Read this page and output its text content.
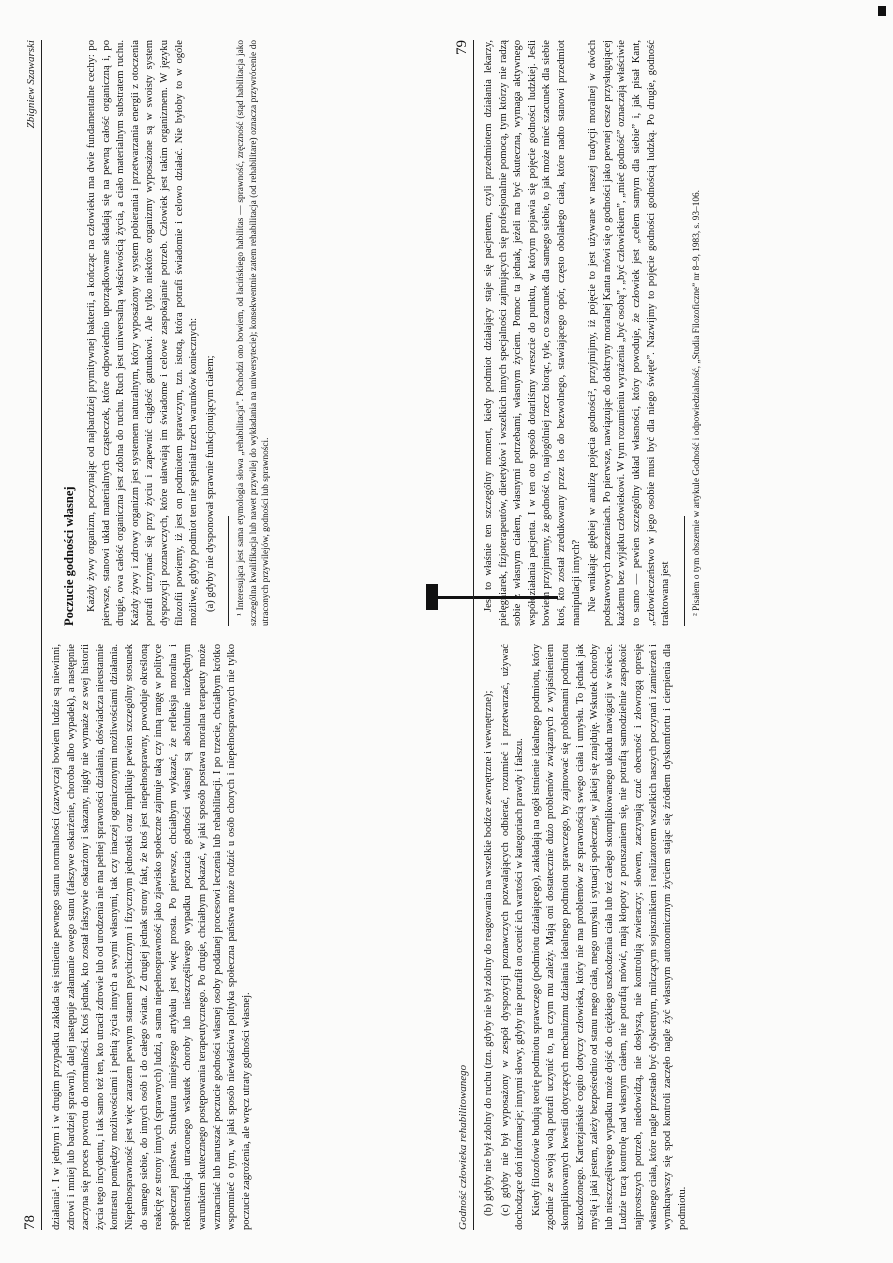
78
Zbigniew Szawarski

działania¹. I w jednym i w drugim przypadku zakłada się istnienie pewnego stanu normalności (zazwyczaj bowiem ludzie są niewinni, zdrowi i mniej lub bardziej sprawni), dalej następuje załamanie owego stanu (fałszywe oskarżenie, choroba albo wypadek), a następnie zaczyna się proces powrotu do normalności. Ktoś jednak, kto został fałszywie oskarżony i skazany, nigdy nie wymaże ze swej historii życia tego incydentu, i tak samo też ten, kto utracił zdrowie lub od urodzenia nie ma pełnej sprawności działania, doświadcza nieustannie kontrastu pomiędzy możliwościami i pełnią życia innych a swymi własnymi, tak czy inaczej ograniczonymi możliwościami działania. Niepełnosprawność jest więc zarazem pewnym stanem psychicznym i fizycznym jednostki oraz implikuje pewien szczególny stosunek do samego siebie, do innych osób i do całego świata. Z drugiej jednak strony fakt, że ktoś jest niepełnosprawny, powoduje określoną reakcję ze strony innych (sprawnych) ludzi, a sama niepełnosprawność jako zjawisko społeczne zajmuje taką czy inną rangę w polityce społecznej państwa. Struktura niniejszego artykułu jest więc prosta. Po pierwsze, chciałbym wykazać, że refleksja moralna i rekonstrukcja utraconego wskutek choroby lub nieszczęśliwego wypadku poczucia godności własnej są absolutnie niezbędnym warunkiem skutecznego postępowania terapeutycznego. Po drugie, chciałbym pokazać, w jaki sposób postawa moralna terapeuty może wzmacniać lub naruszać poczucie godności własnej osoby poddanej procesowi leczenia lub rehabilitacji. I po trzecie, chciałbym krótko wspomnieć o tym, w jaki sposób niewłaściwa polityka społeczna państwa może rodzić u osób chorych i niepełnosprawnych nie tylko poczucie zagrożenia, ale wręcz utraty godności własnej.

Poczucie godności własnej Każdy żywy organizm, poczynając od najbardziej prymitywnej bakterii, a kończąc na człowieku ma dwie fundamentalne cechy: po pierwsze, stanowi układ materialnych cząsteczek, które odpowiednio uporządkowane składają się na pewną całość organiczną i, po drugie, owa całość organiczna jest zdolna do ruchu. Ruch jest uniwersalną właściwością życia, a ciało materialnym substratem ruchu. Każdy żywy i zdrowy organizm jest systemem naturalnym, który wyposażony w system pobierania i przetwarzania energii z otoczenia potrafi utrzymać się przy życiu i zapewnić ciągłość gatunkowi. Ale tylko niektóre organizmy wyposażone są w swoisty system dyspozycji poznawczych, które ułatwiają im świadome i celowe zaspokajanie potrzeb. Człowiek jest takim organizmem. W języku filozofii powiemy, iż jest on podmiotem sprawczym, tzn. istotą, która potrafi świadomie i celowo działać. Nie byłoby to w ogóle możliwe, gdyby podmiot ten nie spełniał trzech warunków koniecznych: (a) gdyby nie dysponował sprawnie funkcjonującym ciałem; ¹ Interesująca jest sama etymologia słowa „rehabilitacja”. Pochodzi ono bowiem, od łacińskiego habilitas — sprawność, zręczność (stąd habilitacja jako szczególna kwalifikacja lub nawet przywilej do wykładania na uniwersytecie); konsekwentnie zatem rehabilitacja (od rehabilitare) oznacza przywrócenie do utraconych przywilejów, godności lub sprawności.

Godność człowieka rehabilitowanego
79

(b) gdyby nie był zdolny do ruchu (tzn. gdyby nie był zdolny do reagowania na wszelkie bodźce zewnętrzne i wewnętrzne); (c) gdyby nie był wyposażony w zespół dyspozycji poznawczych pozwalających odbierać, rozumieć i przetwarzać, używać dochodzące doń informacje; innymi słowy, gdyby nie potrafił on ocenić ich wartości w kategoriach prawdy i fałszu. Kiedy filozofowie budują teorię podmiotu sprawczego (podmiotu działającego), zakładają na ogół istnienie idealnego podmiotu, który zgodnie ze swoją wolą potrafi uczynić to, na czym mu zależy. Mają oni dostatecznie dużo problemów związanych z wyjaśnieniem skomplikowanych kwestii dotyczących mechanizmu działania idealnego podmiotu sprawczego, by zajmować się problemami podmiotu uszkodzonego. Kartezjańskie cogito dotyczy człowieka, który nie ma problemów ze sprawnością swego ciała i umysłu. To jednak jak myślę i jaki jestem, zależy bezpośrednio od stanu mego ciała, mego umysłu i sytuacji społecznej, w jakiej się znajduję. Wskutek choroby lub nieszczęśliwego wypadku może dojść do ciężkiego uszkodzenia ciała lub też całego skomplikowanego układu nawigacji w świecie. Ludzie tracą kontrolę nad własnym ciałem, nie potrafią mówić, mają kłopoty z poruszaniem się, nie potrafią samodzielnie zaspokoić najprostszych potrzeb, niedowidzą, nie dosłyszą, nie kontrolują zwieraczy; słowem, zaczynają czuć obecność i złowrogą opresję własnego ciała, które nagle przestało być dyskretnym, milczącym sojusznikiem i realizatorem wszelkich naszych poczynań i zamierzeń i wymknąwszy się spod kontroli zaczęło nagle żyć własnym autonomicznym życiem stając się źródłem dyskomfortu i cierpienia dla podmiotu.

Jest to właśnie ten szczególny moment, kiedy podmiot działający staje się pacjentem, czyli przedmiotem działania lekarzy, pielęgniarek, fizjoterapeutów, dietetyków i wszelkich innych specjalności zajmujących się profesjonalnie pomocą, tym którzy nie radzą sobie z własnym ciałem, własnymi potrzebami, własnym życiem. Pomoc ta jednak, jeżeli ma być skuteczna, wymaga aktywnego współdziałania pacjenta. I w ten oto sposób dotarliśmy wreszcie do punktu, w którym pojawia się pojęcie godności ludzkiej. Jeśli bowiem przyjmiemy, że godność to, najogólniej rzecz biorąc, tyle, co szacunek dla samego siebie, to jak może mieć szacunek dla siebie ktoś, kto został zredukowany przez los do bezwolnego, stawiającego opór, często obolałego ciała, które nadto stanowi przedmiot manipulacji innych? Nie wnikając głębiej w analizę pojęcia godności², przyjmijmy, iż pojęcie to jest używane w naszej tradycji moralnej w dwóch podstawowych znaczeniach. Po pierwsze, nawiązując do doktryny moralnej Kanta mówi się o godności jako pewnej cesze przysługującej każdemu bez wyjątku człowiekowi. W tym rozumieniu wyrażenia „być osobą”, „być człowiekiem”, „mieć godność” oznaczają właściwie to samo — pewien szczególny układ własności, który powoduje, że człowiek jest „celem samym dla siebie” i, jak pisał Kant, „człowieczeństwo w jego osobie musi być dla niego święte”. Nazwijmy to pojęcie godności godnością ludzką. Po drugie, godność traktowana jest ² Pisałem o tym obszernie w artykule Godność i odpowiedzialność, „Studia Filozoficzne” nr 8–9, 1983, s. 93–106.
